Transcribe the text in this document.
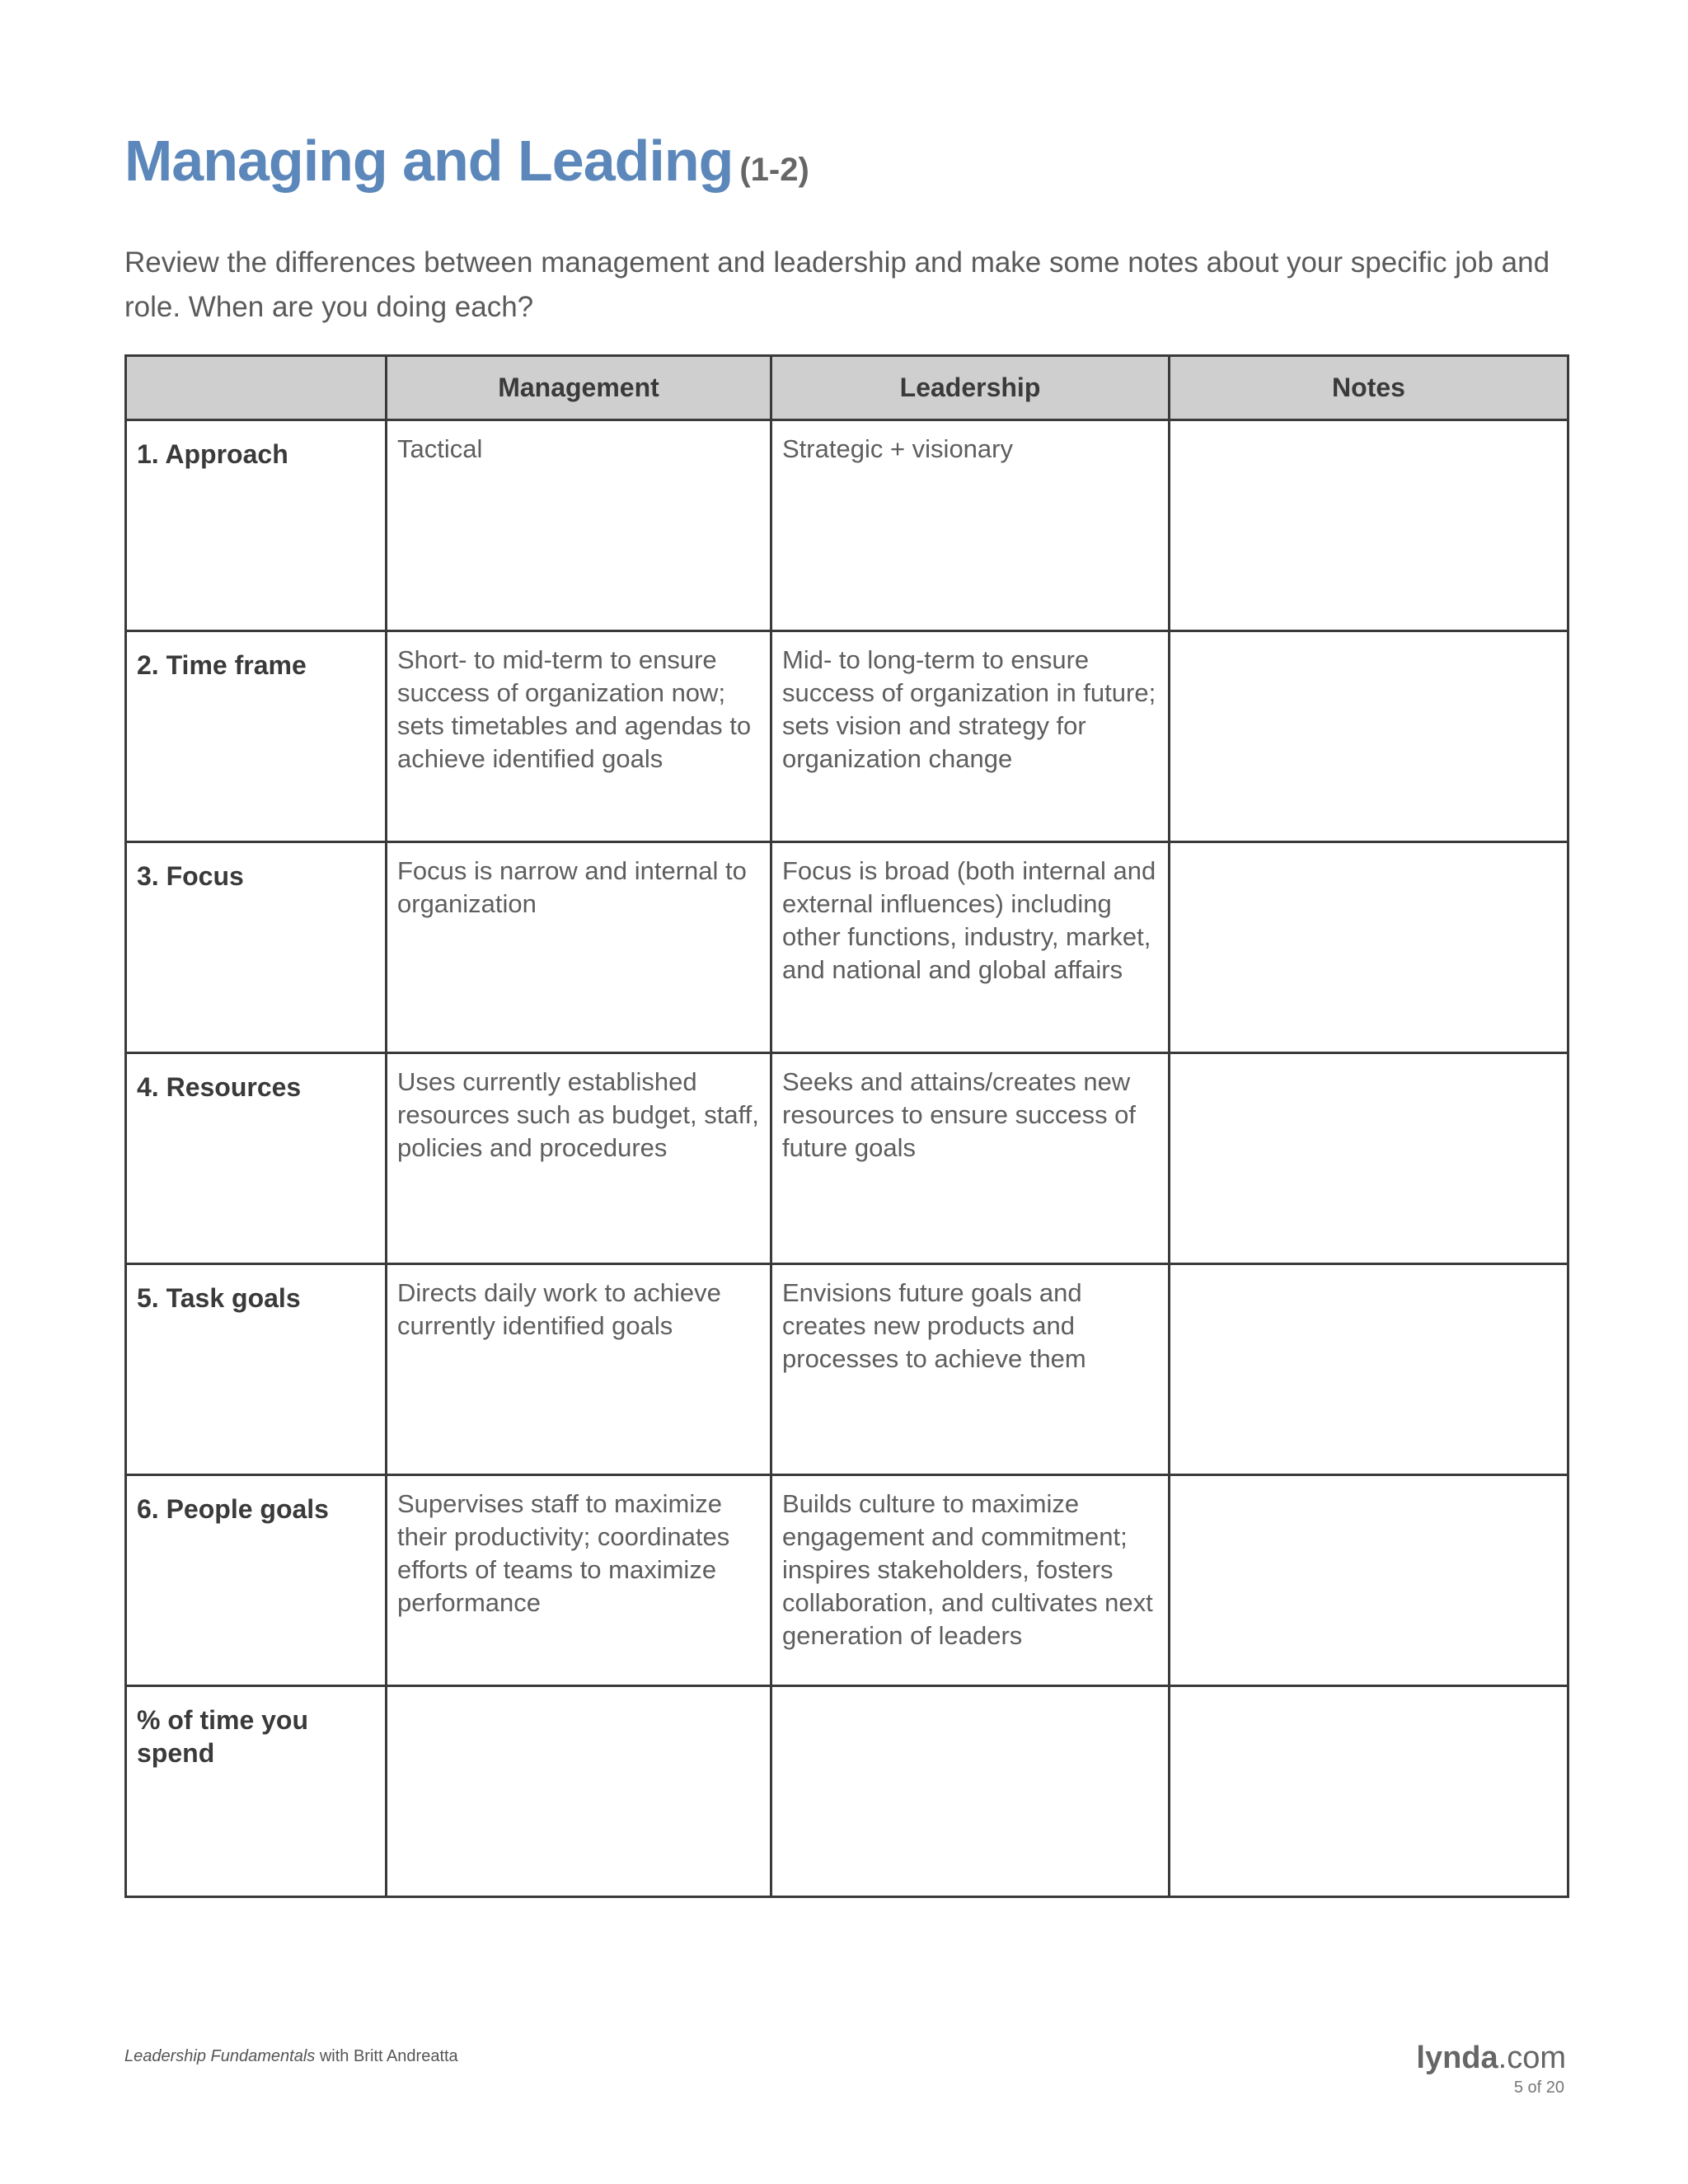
Managing and Leading (1-2)

Review the differences between management and leadership and make some notes about your specific job and role. When are you doing each?

	Management	Leadership	Notes
1. Approach	Tactical	Strategic + visionary	
2. Time frame	Short- to mid-term to ensure success of organization now; sets timetables and agendas to achieve identified goals	Mid- to long-term to ensure success of organization in future; sets vision and strategy for organization change	
3. Focus	Focus is narrow and internal to organization	Focus is broad (both internal and external influences) including other functions, industry, market, and national and global affairs	
4. Resources	Uses currently established resources such as budget, staff, policies and procedures	Seeks and attains/creates new resources to ensure success of future goals	
5. Task goals	Directs daily work to achieve currently identified goals	Envisions future goals and creates new products and processes to achieve them	
6. People goals	Supervises staff to maximize their productivity; coordinates efforts of teams to maximize performance	Builds culture to maximize engagement and commitment; inspires stakeholders, fosters collaboration, and cultivates next generation of leaders	
% of time you spend			
Leadership Fundamentals with Britt Andreatta	lynda.com
5 of 20
